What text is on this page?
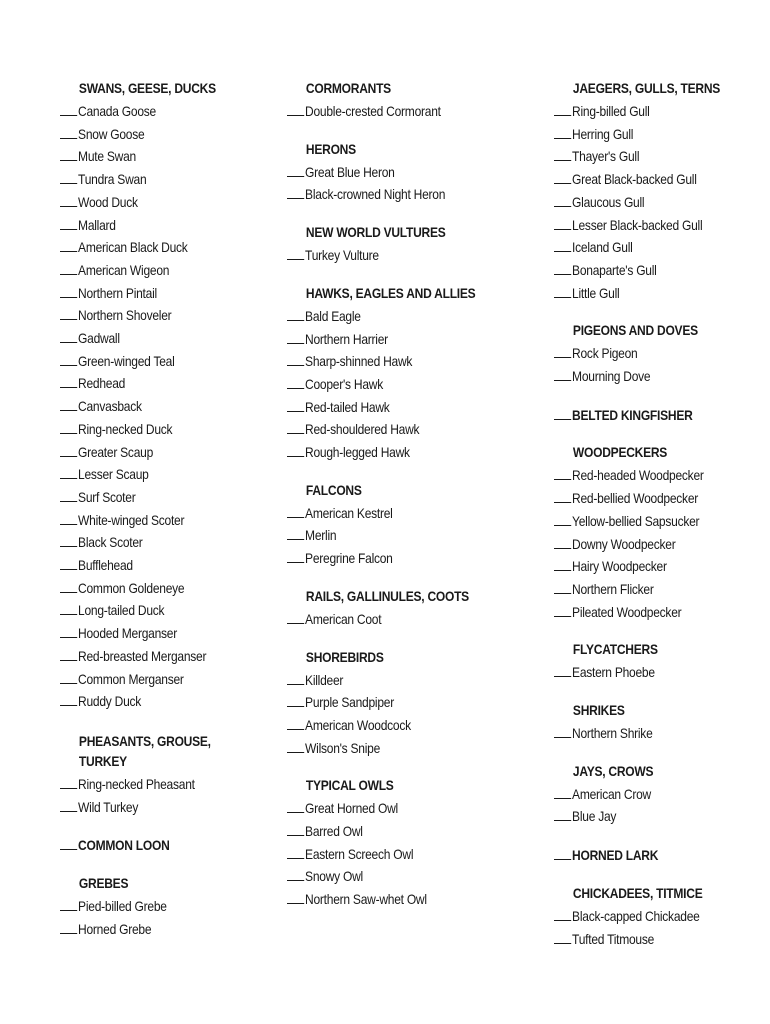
SWANS, GEESE, DUCKS
Canada Goose
Snow Goose
Mute Swan
Tundra Swan
Wood Duck
Mallard
American Black Duck
American Wigeon
Northern Pintail
Northern Shoveler
Gadwall
Green-winged Teal
Redhead
Canvasback
Ring-necked Duck
Greater Scaup
Lesser Scaup
Surf Scoter
White-winged Scoter
Black Scoter
Bufflehead
Common Goldeneye
Long-tailed Duck
Hooded Merganser
Red-breasted Merganser
Common Merganser
Ruddy Duck
PHEASANTS, GROUSE, TURKEY
Ring-necked Pheasant
Wild Turkey
COMMON LOON
GREBES
Pied-billed Grebe
Horned Grebe
CORMORANTS
Double-crested Cormorant
HERONS
Great Blue Heron
Black-crowned Night Heron
NEW WORLD VULTURES
Turkey Vulture
HAWKS, EAGLES AND ALLIES
Bald Eagle
Northern Harrier
Sharp-shinned Hawk
Cooper's Hawk
Red-tailed Hawk
Red-shouldered Hawk
Rough-legged Hawk
FALCONS
American Kestrel
Merlin
Peregrine Falcon
RAILS, GALLINULES, COOTS
American Coot
SHOREBIRDS
Killdeer
Purple Sandpiper
American Woodcock
Wilson's Snipe
TYPICAL OWLS
Great Horned Owl
Barred Owl
Eastern Screech Owl
Snowy Owl
Northern Saw-whet Owl
JAEGERS, GULLS, TERNS
Ring-billed Gull
Herring Gull
Thayer's Gull
Great Black-backed Gull
Glaucous Gull
Lesser Black-backed Gull
Iceland Gull
Bonaparte's Gull
Little Gull
PIGEONS AND DOVES
Rock Pigeon
Mourning Dove
BELTED KINGFISHER
WOODPECKERS
Red-headed Woodpecker
Red-bellied Woodpecker
Yellow-bellied Sapsucker
Downy Woodpecker
Hairy Woodpecker
Northern Flicker
Pileated Woodpecker
FLYCATCHERS
Eastern Phoebe
SHRIKES
Northern Shrike
JAYS, CROWS
American Crow
Blue Jay
HORNED LARK
CHICKADEES, TITMICE
Black-capped Chickadee
Tufted Titmouse
